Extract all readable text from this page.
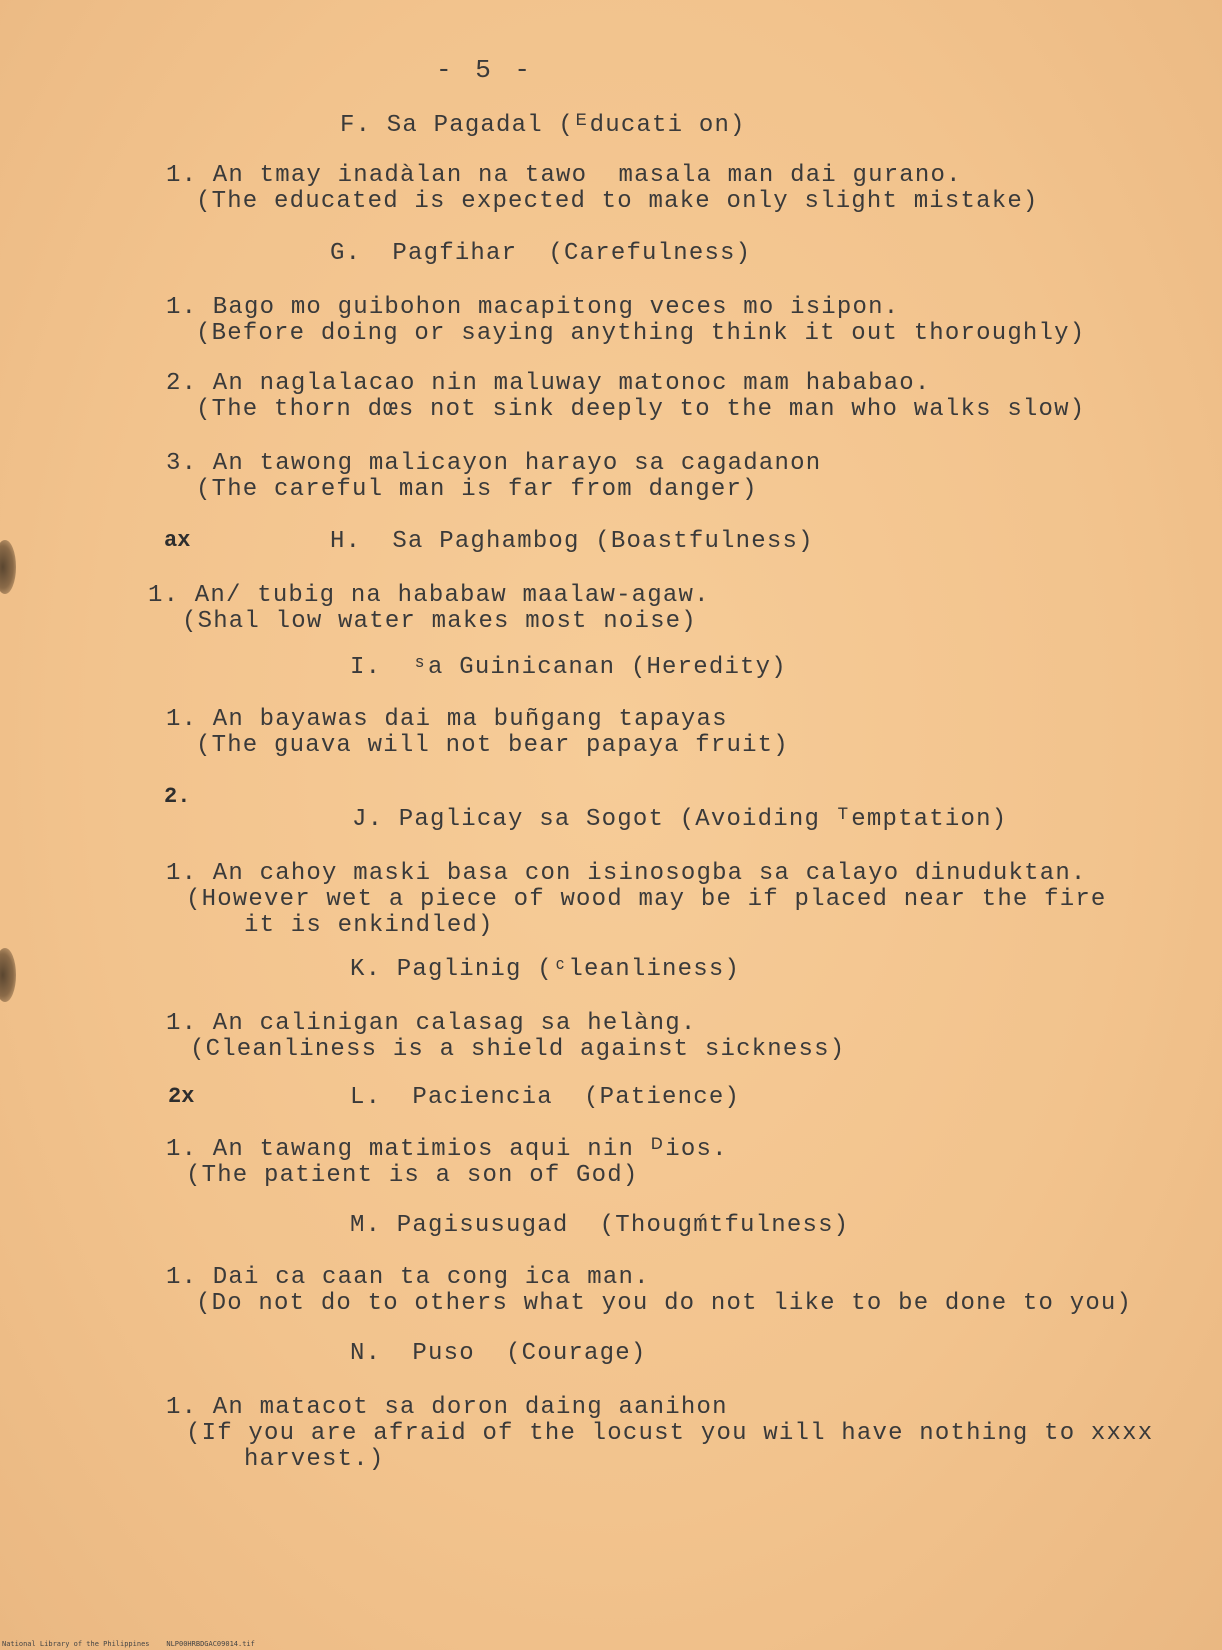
- 5 -
F. Sa Pagadal (ᴱducati on)
1. An tmay inadàlan na tawo  masala man dai gurano.
(The educated is expected to make only slight mistake)
G.  Pagfihar  (Carefulness)
1. Bago mo guibohon macapitong veces mo isipon.
(Before doing or saying anything think it out thoroughly)
2. An naglalacao nin maluway matonoc mam hababao.
(The thorn dœs not sink deeply to the man who walks slow)
3. An tawong malicayon harayo sa cagadanon
(The careful man is far from danger)
ax	H.  Sa Paghambog (Boastfulness)
1. An/ tubig na hababaw maalaw-agaw.
(Shal low water makes most noise)
I.  ˢa Guinicanan (Heredity)
1. An bayawas dai ma buñgang tapayas
(The guava will not bear papaya fruit)
2.
J. Paglicay sa Sogot (Avoiding ᵀemptation)
1. An cahoy maski basa con isinosogba sa calayo dinuduktan.
(However wet a piece of wood may be if placed near the fire
it is enkindled)
K. Paglinig (ᶜleanliness)
1. An calinigan calasag sa helàng.
(Cleanliness is a shield against sickness)
2x	L.  Paciencia  (Patience)
1. An tawang matimios aqui nin ᴰios.
(The patient is a son of God)
M. Pagisusugad  (Thougḿtfulness)
1. Dai ca caan ta cong ica man.
(Do not do to others what you do not like to be done to you)
N.  Puso  (Courage)
1. An matacot sa doron daing aanihon
(If you are afraid of the locust you will have nothing to xxxx
harvest.)
National Library of the Philippines    NLP00HRBDGAC09014.tif
